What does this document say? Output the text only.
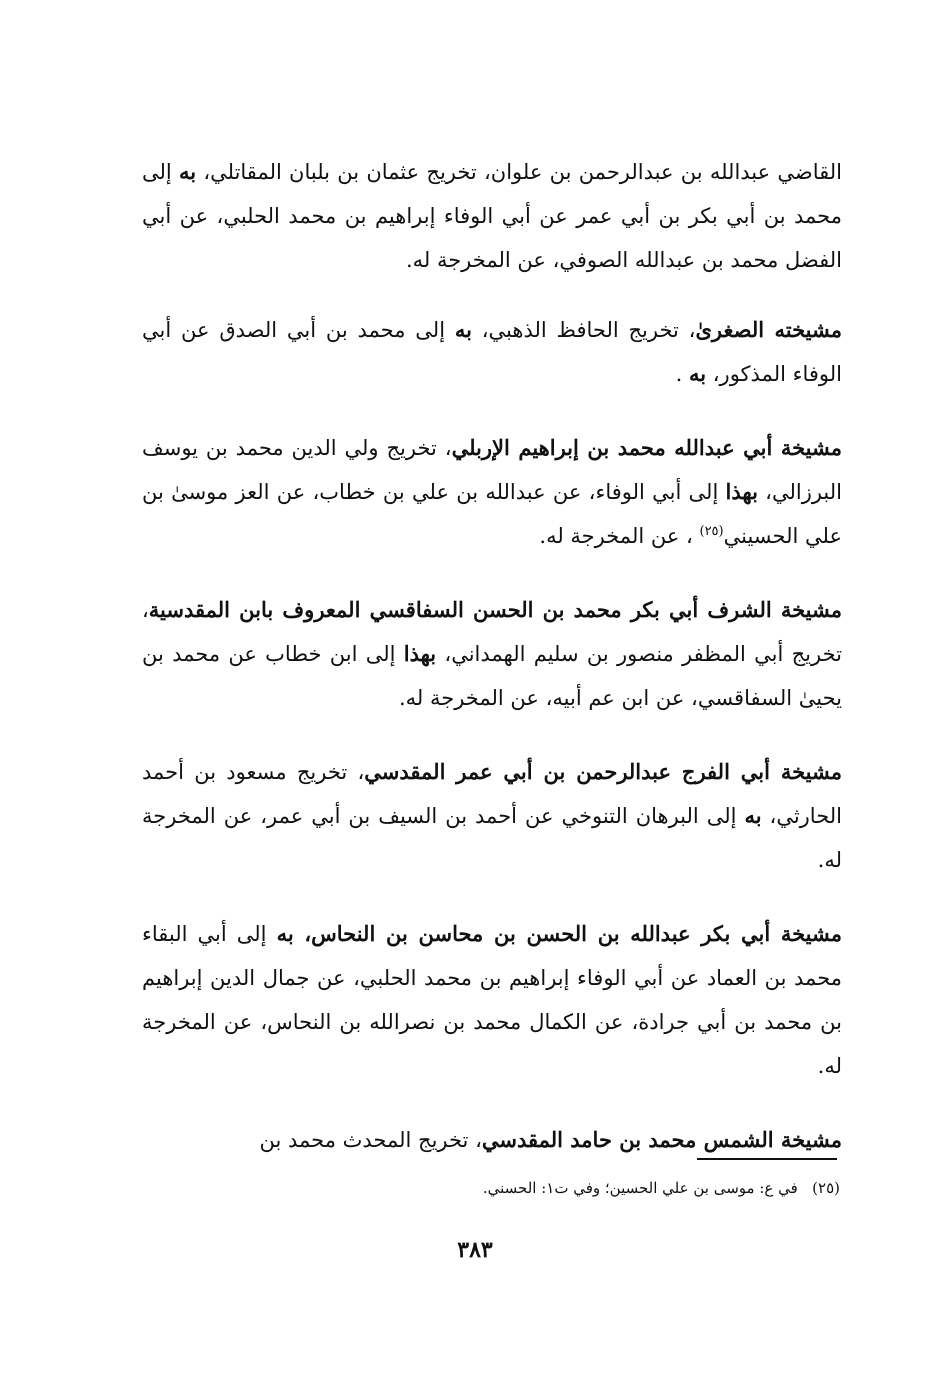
القاضي عبدالله بن عبدالرحمن بن علوان، تخريج عثمان بن بلبان المقاتلي، به إلى محمد بن أبي بكر بن أبي عمر عن أبي الوفاء إبراهيم بن محمد الحلبي، عن أبي الفضل محمد بن عبدالله الصوفي، عن المخرجة له.

مشيخته الصغرىٰ، تخريج الحافظ الذهبي، به إلى محمد بن أبي الصدق عن أبي الوفاء المذكور، به .

مشيخة أبي عبدالله محمد بن إبراهيم الإربلي، تخريج ولي الدين محمد بن يوسف البرزالي، بهذا إلى أبي الوفاء، عن عبدالله بن علي بن خطاب، عن العز موسىٰ بن علي الحسيني$^{(٢٥)}$ ، عن المخرجة له.

مشيخة الشرف أبي بكر محمد بن الحسن السفاقسي المعروف بابن المقدسية، تخريج أبي المظفر منصور بن سليم الهمداني، بهذا إلى ابن خطاب عن محمد بن يحيىٰ السفاقسي، عن ابن عم أبيه، عن المخرجة له.

مشيخة أبي الفرج عبدالرحمن بن أبي عمر المقدسي، تخريج مسعود بن أحمد الحارثي، به إلى البرهان التنوخي عن أحمد بن السيف بن أبي عمر، عن المخرجة له.

مشيخة أبي بكر عبدالله بن الحسن بن محاسن بن النحاس، به إلى أبي البقاء محمد بن العماد عن أبي الوفاء إبراهيم بن محمد الحلبي، عن جمال الدين إبراهيم بن محمد بن أبي جرادة، عن الكمال محمد بن نصرالله بن النحاس، عن المخرجة له.

مشيخة الشمس محمد بن حامد المقدسي، تخريج المحدث محمد بن

(٢٥)   في ع: موسى بن علي الحسين؛ وفي ت١: الحسني.
٣٨٣
